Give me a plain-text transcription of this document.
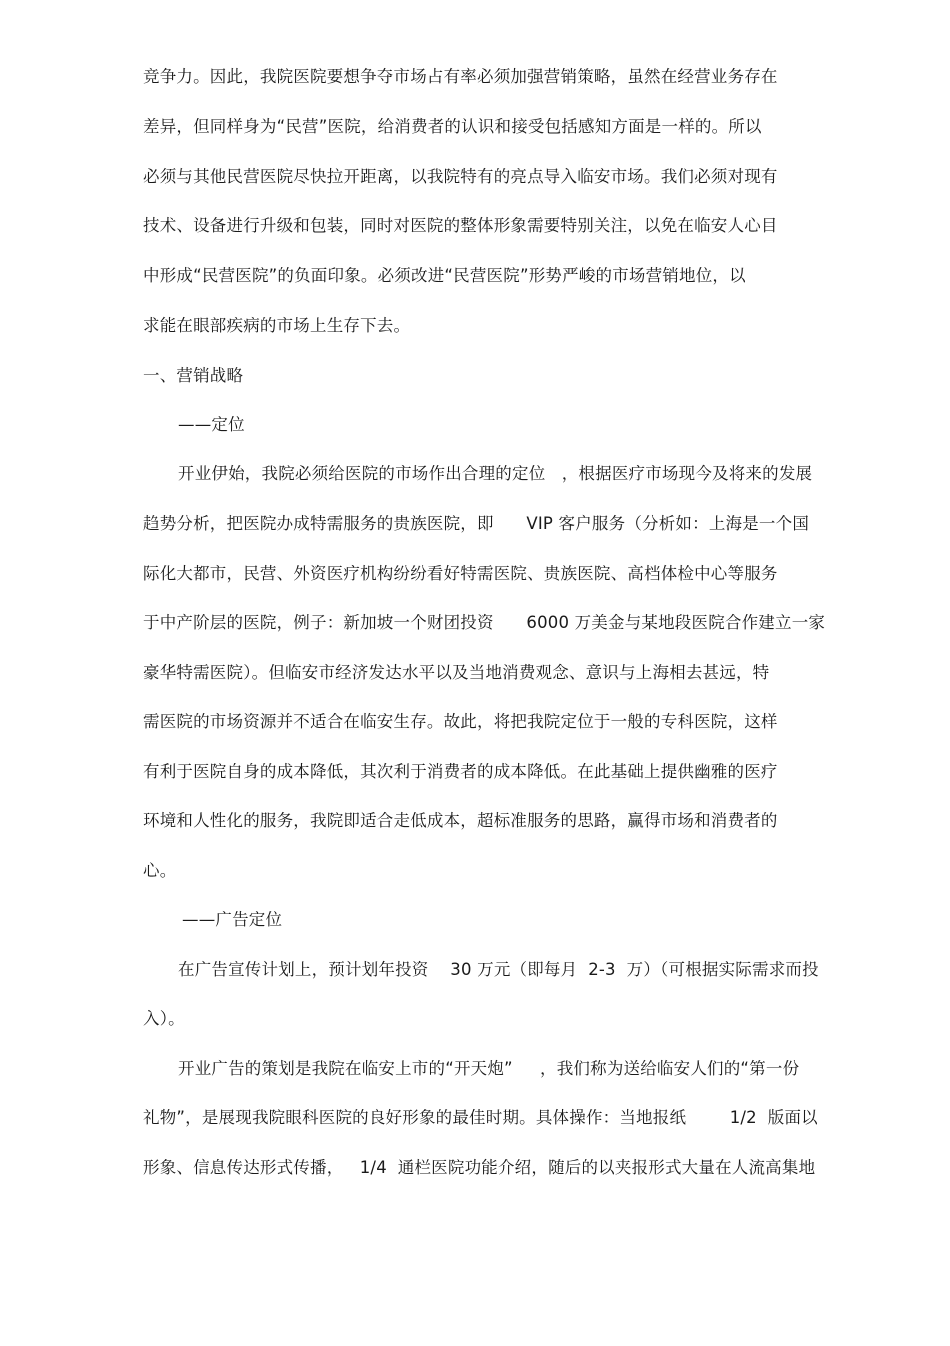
竞争力。因此，我院医院要想争夺市场占有率必须加强营销策略，虽然在经营业务存在
差异，但同样身为“民营”医院，给消费者的认识和接受包括感知方面是一样的。所以
必须与其他民营医院尽快拉开距离，以我院特有的亮点导入临安市场。我们必须对现有
技术、设备进行升级和包装，同时对医院的整体形象需要特别关注，以免在临安人心目
中形成“民营医院”的负面印象。必须改进“民营医院”形势严峻的市场营销地位，以
求能在眼部疾病的市场上生存下去。
一、营销战略
——定位
开业伊始，我院必须给医院的市场作出合理的定位   ，根据医疗市场现今及将来的发展
趋势分析，把医院办成特需服务的贵族医院，即      VIP 客户服务（分析如：上海是一个国
际化大都市，民营、外资医疗机构纷纷看好特需医院、贵族医院、高档体检中心等服务
于中产阶层的医院，例子：新加坡一个财团投资      6000 万美金与某地段医院合作建立一家
豪华特需医院）。但临安市经济发达水平以及当地消费观念、意识与上海相去甚远，特
需医院的市场资源并不适合在临安生存。故此，将把我院定位于一般的专科医院，这样
有利于医院自身的成本降低，其次利于消费者的成本降低。在此基础上提供幽雅的医疗
环境和人性化的服务，我院即适合走低成本，超标准服务的思路，赢得市场和消费者的
心。
——广告定位
在广告宣传计划上，预计划年投资    30 万元（即每月  2-3  万）（可根据实际需求而投
入）。
开业广告的策划是我院在临安上市的“开天炮”     ，我们称为送给临安人们的“第一份
礼物”，是展现我院眼科医院的良好形象的最佳时期。具体操作：当地报纸        1/2  版面以
形象、信息传达形式传播，   1/4  通栏医院功能介绍，随后的以夹报形式大量在人流高集地
